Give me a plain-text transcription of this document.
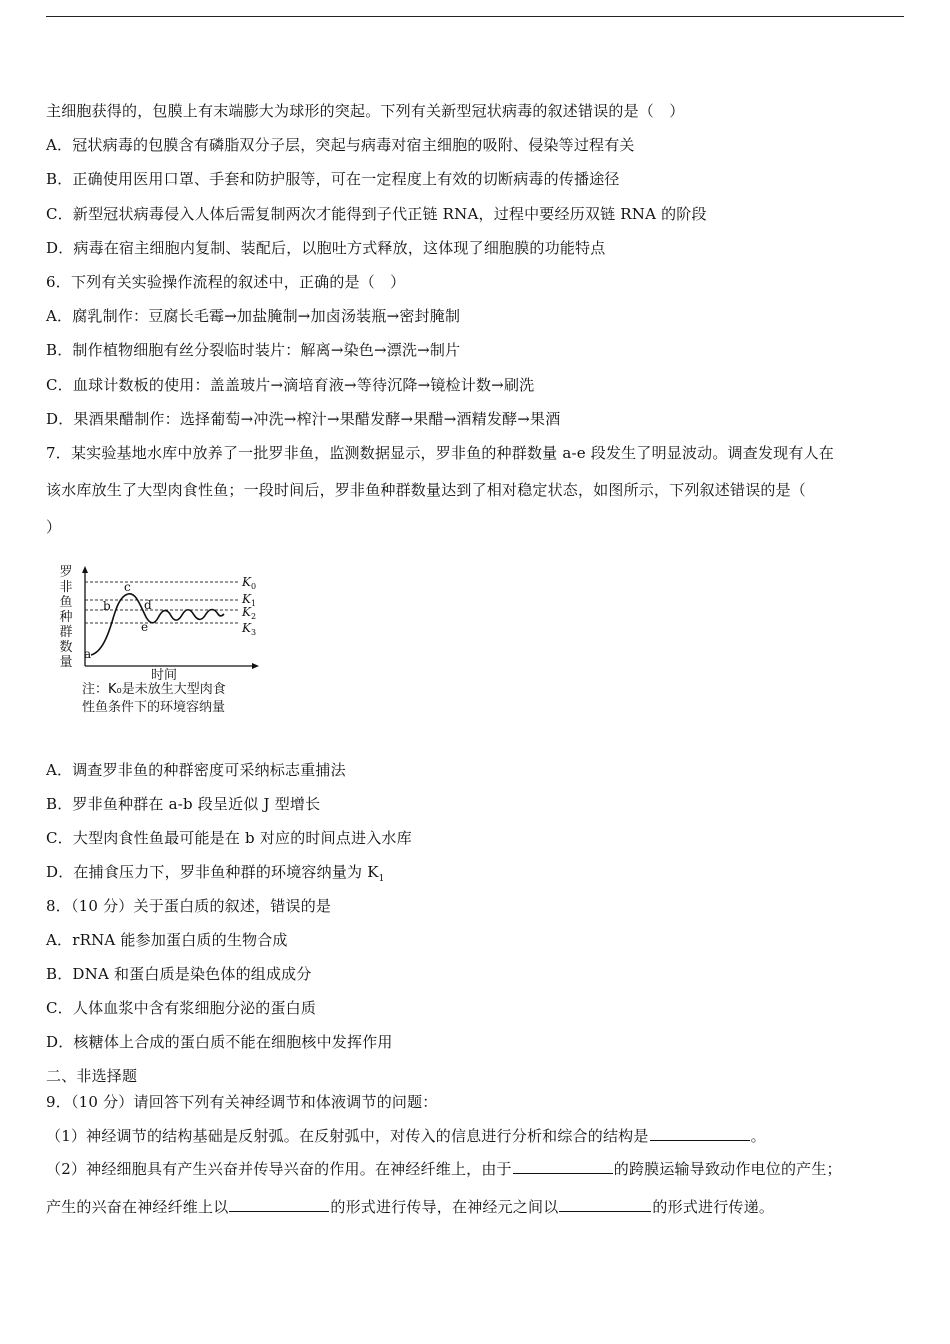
主细胞获得的，包膜上有末端膨大为球形的突起。下列有关新型冠状病毒的叙述错误的是（　）
A．冠状病毒的包膜含有磷脂双分子层，突起与病毒对宿主细胞的吸附、侵染等过程有关
B．正确使用医用口罩、手套和防护服等，可在一定程度上有效的切断病毒的传播途径
C．新型冠状病毒侵入人体后需复制两次才能得到子代正链 RNA，过程中要经历双链 RNA 的阶段
D．病毒在宿主细胞内复制、装配后，以胞吐方式释放，这体现了细胞膜的功能特点
6．下列有关实验操作流程的叙述中，正确的是（　）
A．腐乳制作：豆腐长毛霉→加盐腌制→加卤汤装瓶→密封腌制
B．制作植物细胞有丝分裂临时装片：解离→染色→漂洗→制片
C．血球计数板的使用：盖盖玻片→滴培育液→等待沉降→镜检计数→刷洗
D．果酒果醋制作：选择葡萄→冲洗→榨汁→果醋发酵→果醋→酒精发酵→果酒
7．某实验基地水库中放养了一批罗非鱼，监测数据显示，罗非鱼的种群数量 a-e 段发生了明显波动。调查发现有人在
该水库放生了大型肉食性鱼；一段时间后，罗非鱼种群数量达到了相对稳定状态，如图所示，下列叙述错误的是（
）
罗
非
鱼
种
群
数
量
a
b
c
d
e
$K_0$
$K_1$
$K_2$
$K_3$
时间
注：K₀是未放生大型肉食
性鱼条件下的环境容纳量
A．调查罗非鱼的种群密度可采纳标志重捕法
B．罗非鱼种群在 a-b 段呈近似 J 型增长
C．大型肉食性鱼最可能是在 b 对应的时间点进入水库
D．在捕食压力下，罗非鱼种群的环境容纳量为 $K_1$
8．（10 分）关于蛋白质的叙述，错误的是
A．rRNA 能参加蛋白质的生物合成
B．DNA 和蛋白质是染色体的组成成分
C．人体血浆中含有浆细胞分泌的蛋白质
D．核糖体上合成的蛋白质不能在细胞核中发挥作用
二、非选择题
9．（10 分）请回答下列有关神经调节和体液调节的问题：
（1）神经调节的结构基础是反射弧。在反射弧中，对传入的信息进行分析和综合的结构是	。
（2）神经细胞具有产生兴奋并传导兴奋的作用。在神经纤维上，由于	的跨膜运输导致动作电位的产生；
产生的兴奋在神经纤维上以	的形式进行传导，在神经元之间以	的形式进行传递。
